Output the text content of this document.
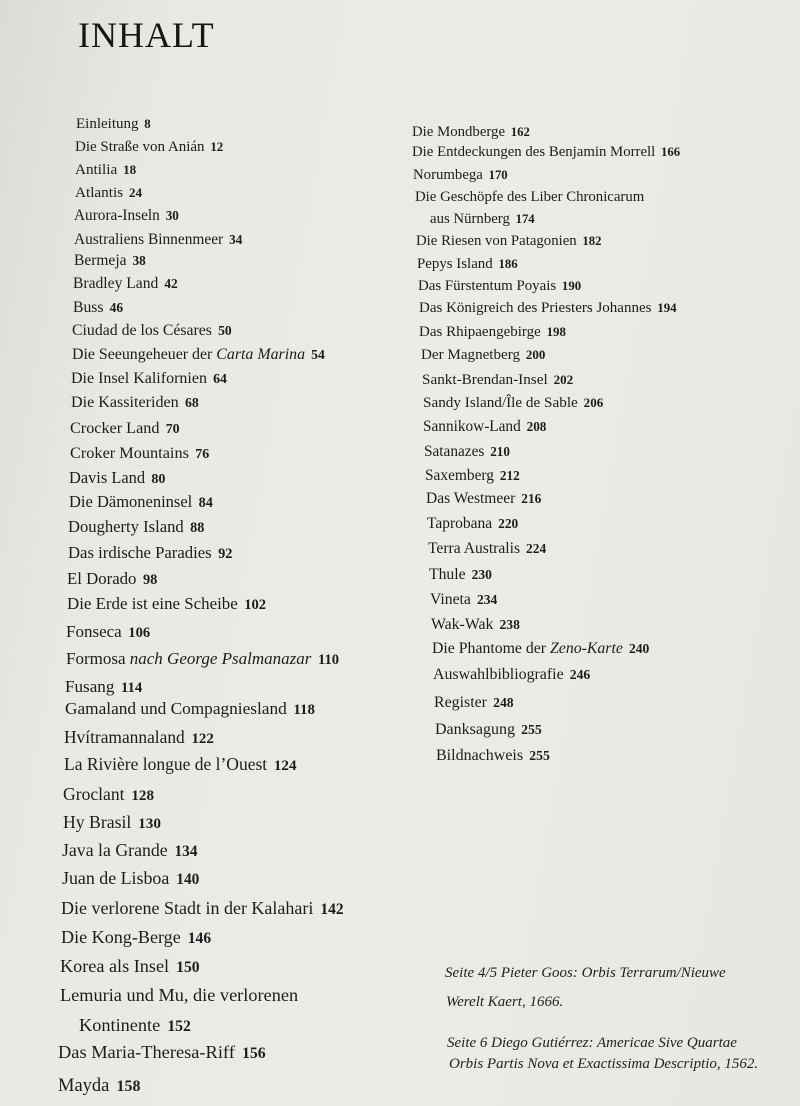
INHALT
Einleitung 8
Die Straße von Anián 12
Antilia 18
Atlantis 24
Aurora-Inseln 30
Australiens Binnenmeer 34
Bermeja 38
Bradley Land 42
Buss 46
Ciudad de los Césares 50
Die Seeungeheuer der Carta Marina 54
Die Insel Kalifornien 64
Die Kassiteriden 68
Crocker Land 70
Croker Mountains 76
Davis Land 80
Die Dämoneninsel 84
Dougherty Island 88
Das irdische Paradies 92
El Dorado 98
Die Erde ist eine Scheibe 102
Fonseca 106
Formosa nach George Psalmanazar 110
Fusang 114
Gamaland und Compagniesland 118
Hvítramannaland 122
La Rivière longue de l’Ouest 124
Groclant 128
Hy Brasil 130
Java la Grande 134
Juan de Lisboa 140
Die verlorene Stadt in der Kalahari 142
Die Kong-Berge 146
Korea als Insel 150
Lemuria und Mu, die verlorenen
Kontinente 152
Das Maria-Theresa-Riff 156
Mayda 158
Die Mondberge 162
Die Entdeckungen des Benjamin Morrell 166
Norumbega 170
Die Geschöpfe des Liber Chronicarum
aus Nürnberg 174
Die Riesen von Patagonien 182
Pepys Island 186
Das Fürstentum Poyais 190
Das Königreich des Priesters Johannes 194
Das Rhipaengebirge 198
Der Magnetberg 200
Sankt-Brendan-Insel 202
Sandy Island/Île de Sable 206
Sannikow-Land 208
Satanazes 210
Saxemberg 212
Das Westmeer 216
Taprobana 220
Terra Australis 224
Thule 230
Vineta 234
Wak-Wak 238
Die Phantome der Zeno-Karte 240
Auswahlbibliografie 246
Register 248
Danksagung 255
Bildnachweis 255
Seite 4/5 Pieter Goos: Orbis Terrarum/Nieuwe
Werelt Kaert, 1666.
Seite 6 Diego Gutiérrez: Americae Sive Quartae
Orbis Partis Nova et Exactissima Descriptio, 1562.
